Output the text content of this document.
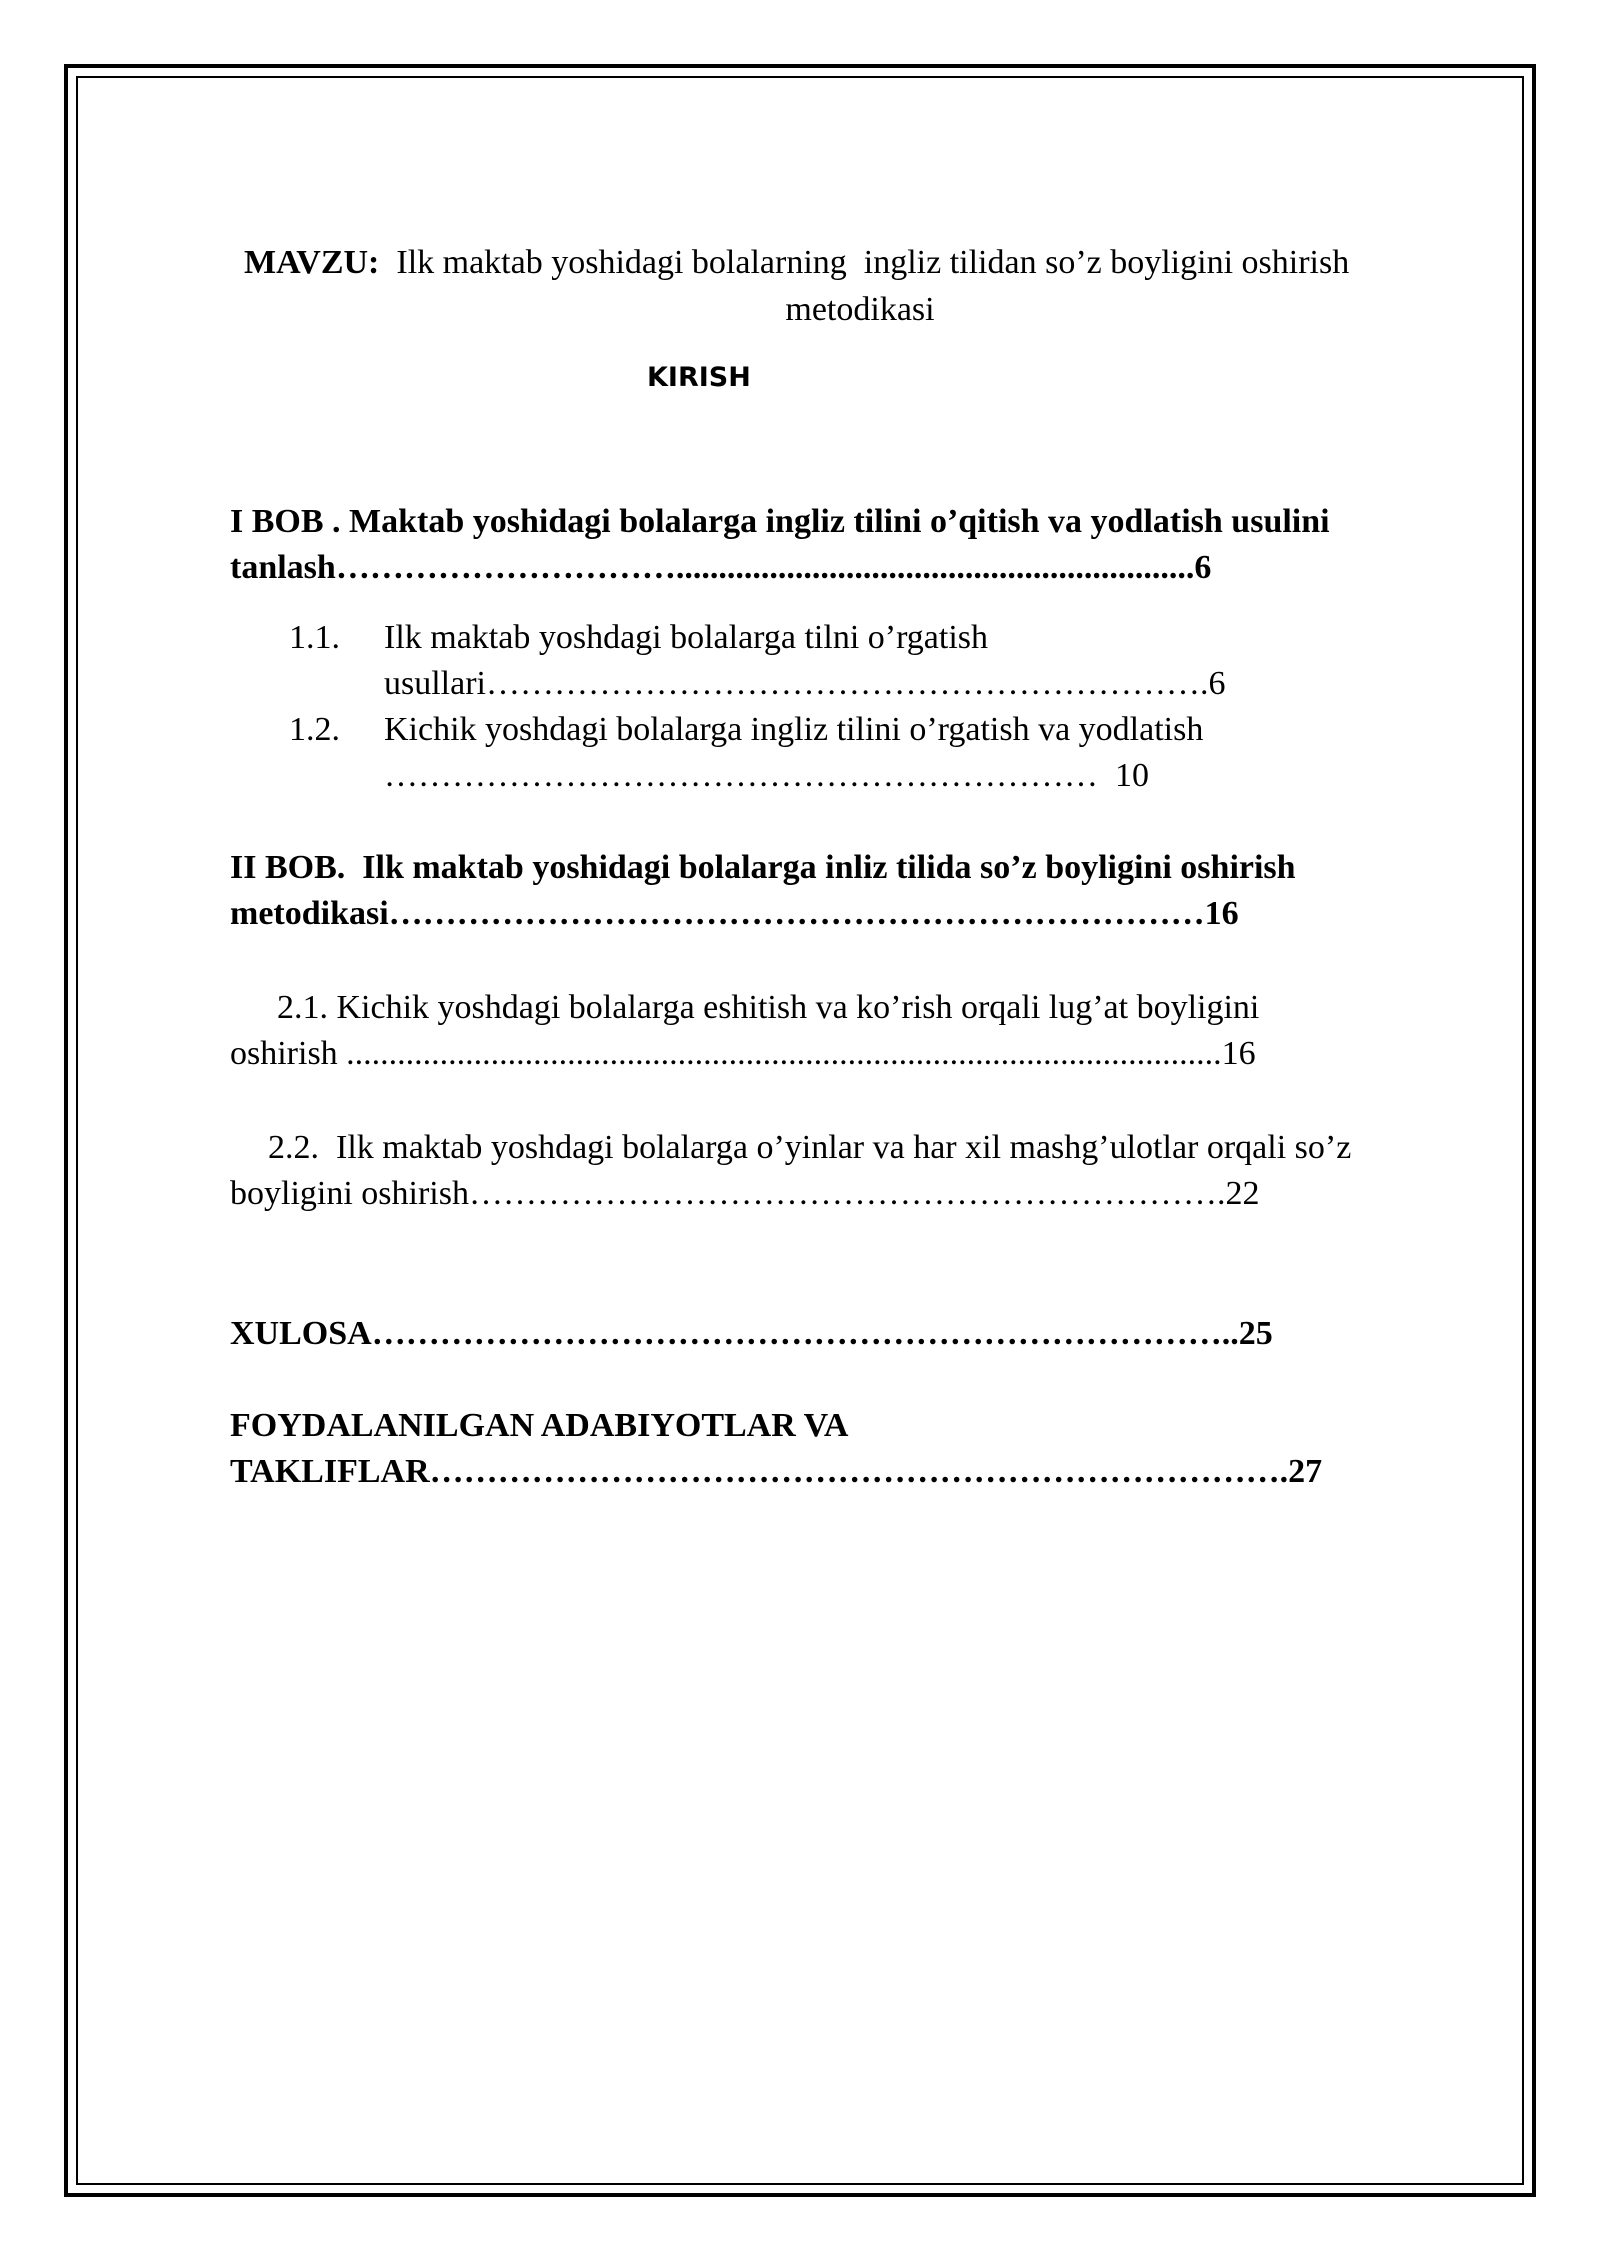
MAVZU: Ilk maktab yoshidagi bolalarning  ingliz tilidan so’z boyligini oshirish
metodikasi
KIRISH
I BOB . Maktab yoshidagi bolalarga ingliz tilini o’qitish va yodlatish usulini
tanlash………………………….............................................................6
1.1. Ilk maktab yoshdagi bolalarga tilni o’rgatish
usullari……………………………………………………….6
1.2. Kichik yoshdagi bolalarga ingliz tilini o’rgatish va yodlatish
………………………………………………………  10
II BOB.  Ilk maktab yoshidagi bolalarga inliz tilida so’z boyligini oshirish
metodikasi………………………………………………………………16
2.1. Kichik yoshdagi bolalarga eshitish va ko’rish orqali lug’at boyligini
oshirish .......................................................................................................16
2.2.  Ilk maktab yoshdagi bolalarga o’yinlar va har xil mashg’ulotlar orqali so’z
boyligini oshirish………………………………………………………….22
XULOSA…………………………………………………………………..25
FOYDALANILGAN ADABIYOTLAR VA
TAKLIFLAR………………………………………………………………….27
